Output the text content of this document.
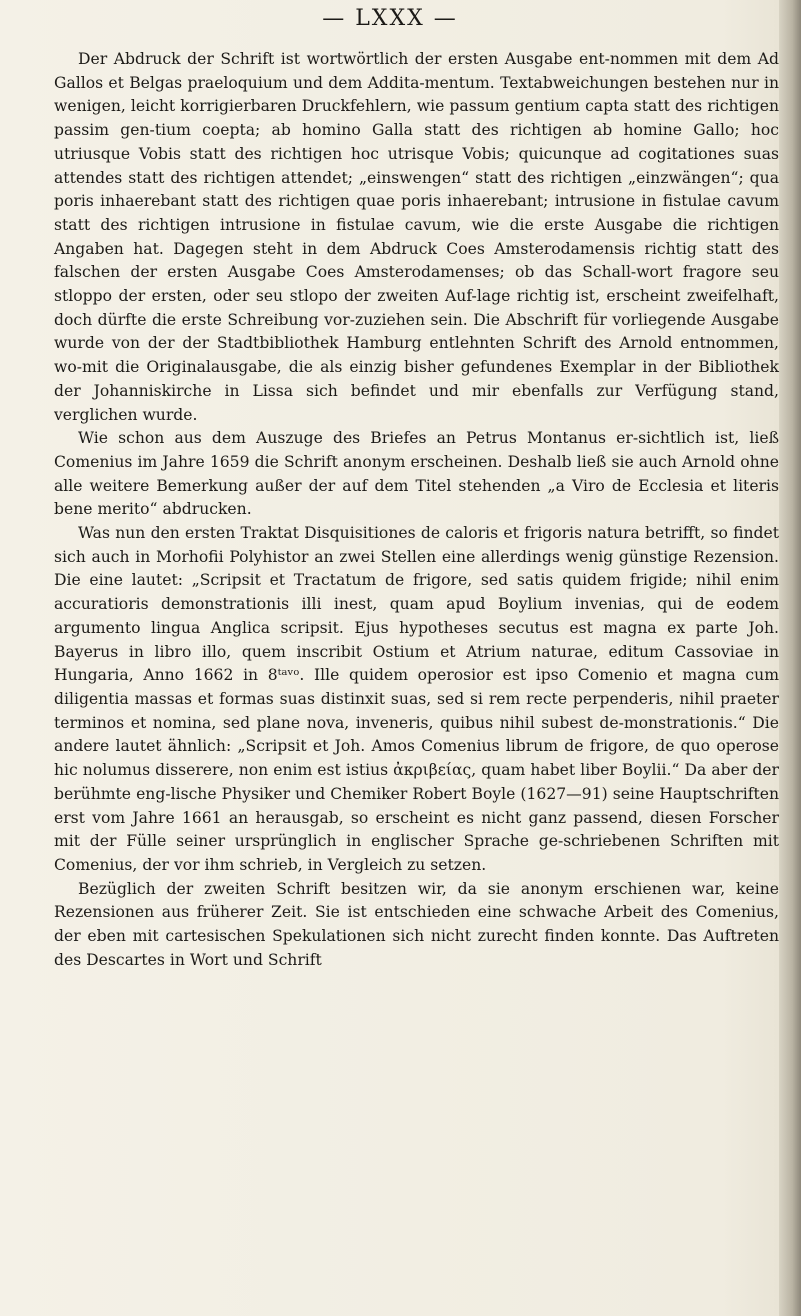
— LXXX —

Der Abdruck der Schrift ist wortwörtlich der ersten Ausgabe ent-nommen mit dem Ad Gallos et Belgas praeloquium und dem Addita-mentum. Textabweichungen bestehen nur in wenigen, leicht korrigierbaren Druckfehlern, wie passum gentium capta statt des richtigen passim gen-tium coepta; ab homino Galla statt des richtigen ab homine Gallo; hoc utriusque Vobis statt des richtigen hoc utrisque Vobis; quicunque ad cogitationes suas attendes statt des richtigen attendet; „einswengen“ statt des richtigen „einzwängen“; qua poris inhaerebant statt des richtigen quae poris inhaerebant; intrusione in fistulae cavum statt des richtigen intrusione in fistulae cavum, wie die erste Ausgabe die richtigen Angaben hat. Dagegen steht in dem Abdruck Coes Amsterodamensis richtig statt des falschen der ersten Ausgabe Coes Amsterodamenses; ob das Schall-wort fragore seu stloppo der ersten, oder seu stlopo der zweiten Auf-lage richtig ist, erscheint zweifelhaft, doch dürfte die erste Schreibung vor-zuziehen sein. Die Abschrift für vorliegende Ausgabe wurde von der der Stadtbibliothek Hamburg entlehnten Schrift des Arnold entnommen, wo-mit die Originalausgabe, die als einzig bisher gefundenes Exemplar in der Bibliothek der Johanniskirche in Lissa sich befindet und mir ebenfalls zur Verfügung stand, verglichen wurde.

Wie schon aus dem Auszuge des Briefes an Petrus Montanus er-sichtlich ist, ließ Comenius im Jahre 1659 die Schrift anonym erscheinen. Deshalb ließ sie auch Arnold ohne alle weitere Bemerkung außer der auf dem Titel stehenden „a Viro de Ecclesia et literis bene merito“ abdrucken.

Was nun den ersten Traktat Disquisitiones de caloris et frigoris natura betrifft, so findet sich auch in Morhofii Polyhistor an zwei Stellen eine allerdings wenig günstige Rezension. Die eine lautet: „Scripsit et Tractatum de frigore, sed satis quidem frigide; nihil enim accuratioris demonstrationis illi inest, quam apud Boylium invenias, qui de eodem argumento lingua Anglica scripsit. Ejus hypotheses secutus est magna ex parte Joh. Bayerus in libro illo, quem inscribit Ostium et Atrium naturae, editum Cassoviae in Hungaria, Anno 1662 in 8ᵗᵃᵛᵒ. Ille quidem operosior est ipso Comenio et magna cum diligentia massas et formas suas distinxit suas, sed si rem recte perpenderis, nihil praeter terminos et nomina, sed plane nova, inveneris, quibus nihil subest de-monstrationis.“ Die andere lautet ähnlich: „Scripsit et Joh. Amos Comenius librum de frigore, de quo operose hic nolumus disserere, non enim est istius ἀκριβείας, quam habet liber Boylii.“ Da aber der berühmte eng-lische Physiker und Chemiker Robert Boyle (1627—91) seine Hauptschriften erst vom Jahre 1661 an herausgab, so erscheint es nicht ganz passend, diesen Forscher mit der Fülle seiner ursprünglich in englischer Sprache ge-schriebenen Schriften mit Comenius, der vor ihm schrieb, in Vergleich zu setzen.

Bezüglich der zweiten Schrift besitzen wir, da sie anonym erschienen war, keine Rezensionen aus früherer Zeit. Sie ist entschieden eine schwache Arbeit des Comenius, der eben mit cartesischen Spekulationen sich nicht zurecht finden konnte. Das Auftreten des Descartes in Wort und Schrift
